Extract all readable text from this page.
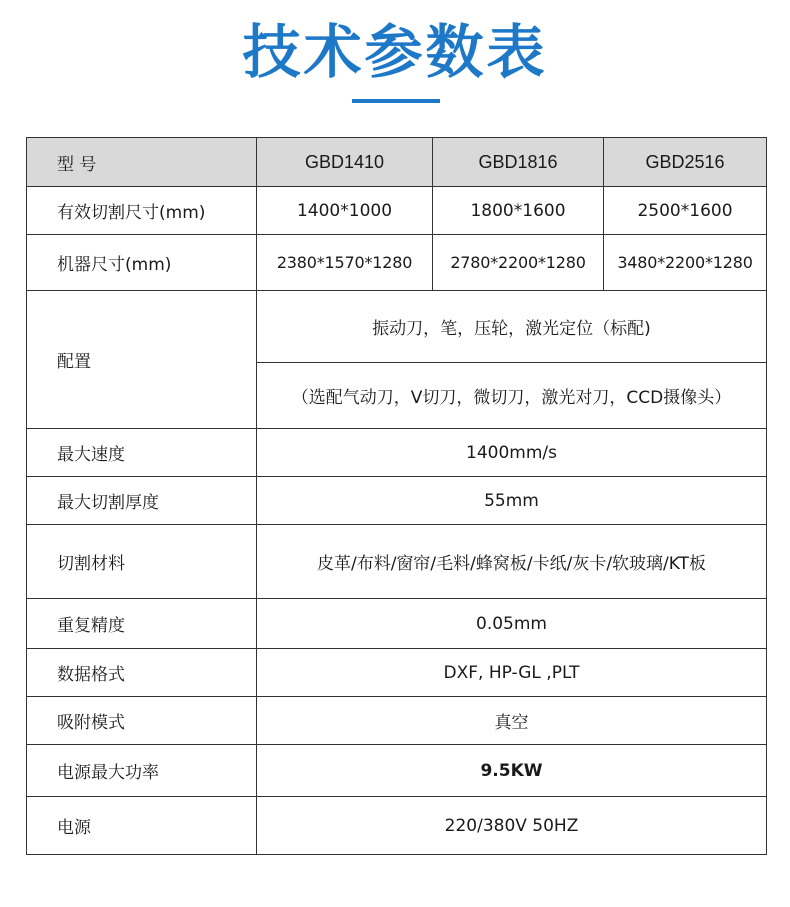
技术参数表
型 号	GBD1410	GBD1816	GBD2516
有效切割尺寸(mm)	1400*1000	1800*1600	2500*1600
机器尺寸(mm)	2380*1570*1280	2780*2200*1280	3480*2200*1280
配置	振动刀，笔，压轮，激光定位（标配)		
	（选配气动刀，V切刀，微切刀，激光对刀，CCD摄像头）		
最大速度	1400mm/s		
最大切割厚度	55mm		
切割材料	皮革/布料/窗帘/毛料/蜂窝板/卡纸/灰卡/软玻璃/KT板		
重复精度	0.05mm		
数据格式	DXF, HP-GL ,PLT		
吸附模式	真空		
电源最大功率	9.5KW		
电源	220/380V 50HZ		
